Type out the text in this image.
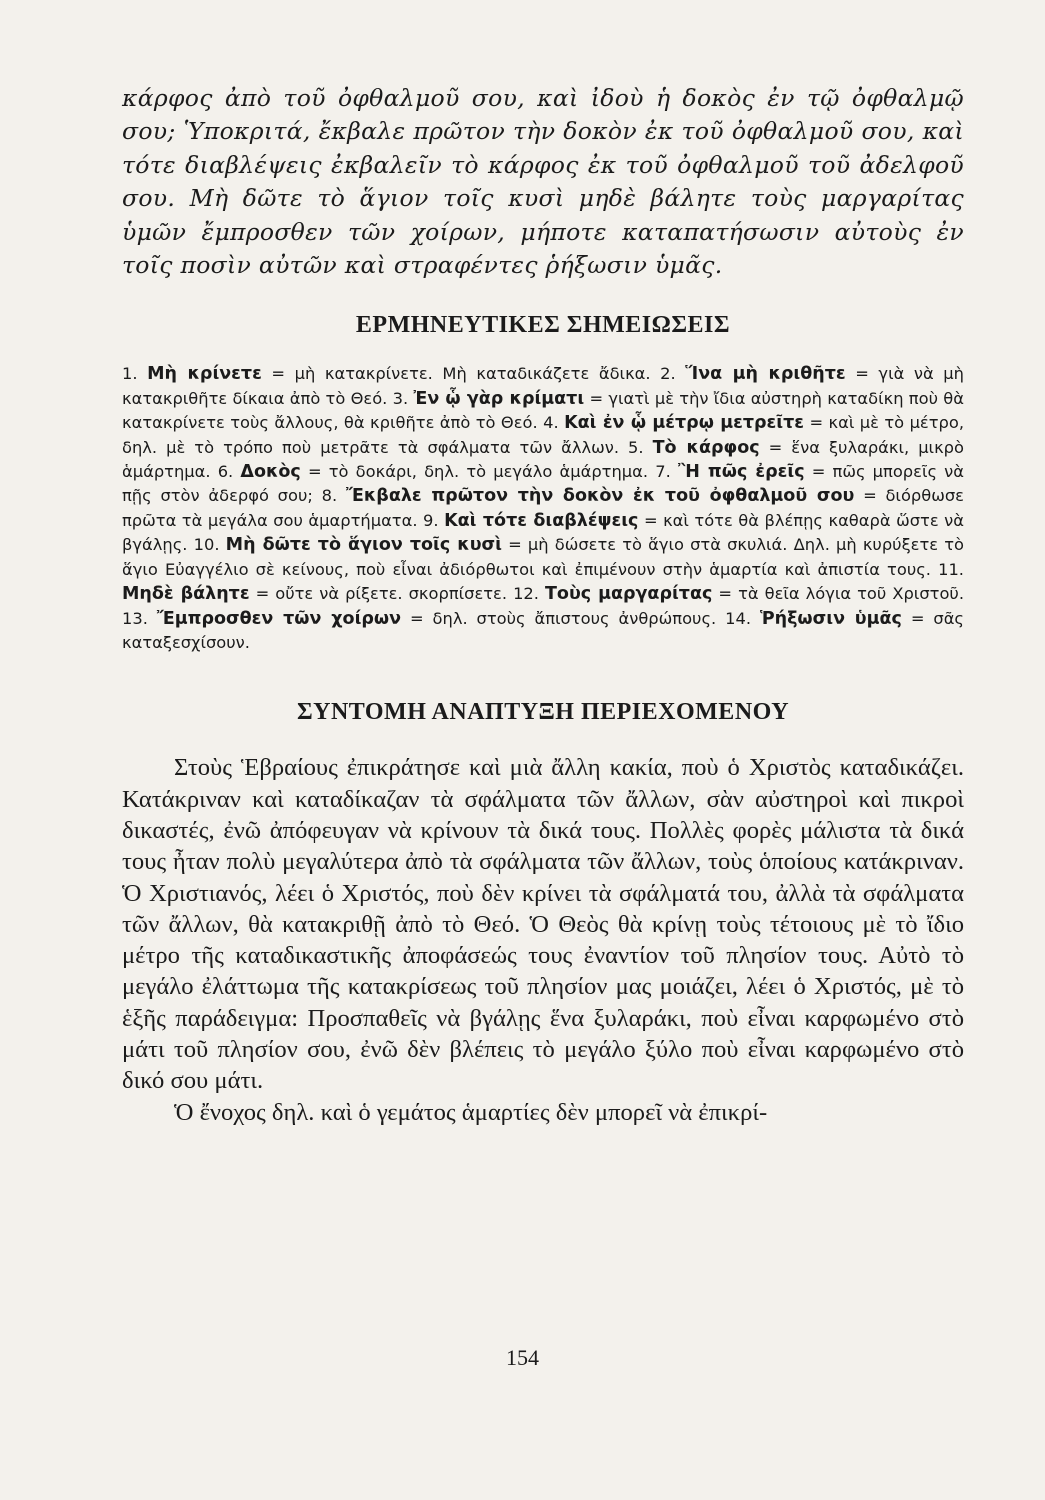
κάρφος ἀπὸ τοῦ ὀφθαλμοῦ σου, καὶ ἰδοὺ ἡ δοκὸς ἐν τῷ ὀφθαλμῷ σου; Ὑποκριτά, ἔκβαλε πρῶτον τὴν δοκὸν ἐκ τοῦ ὀφθαλμοῦ σου, καὶ τότε διαβλέψεις ἐκβαλεῖν τὸ κάρφος ἐκ τοῦ ὀφθαλμοῦ τοῦ ἀδελφοῦ σου. Μὴ δῶτε τὸ ἅγιον τοῖς κυσὶ μηδὲ βάλητε τοὺς μαργαρίτας ὑμῶν ἔμπροσθεν τῶν χοίρων, μήποτε καταπατήσωσιν αὐτοὺς ἐν τοῖς ποσὶν αὐτῶν καὶ στραφέντες ῥήξωσιν ὑμᾶς.

ΕΡΜΗΝΕΥΤΙΚΕΣ ΣΗΜΕΙΩΣΕΙΣ

1. Μὴ κρίνετε = μὴ κατακρίνετε. Μὴ καταδικάζετε ἄδικα. 2. Ἵνα μὴ κριθῆτε = γιὰ νὰ μὴ κατακριθῆτε δίκαια ἀπὸ τὸ Θεό. 3. Ἐν ᾧ γὰρ κρίματι = γιατὶ μὲ τὴν ἴδια αὐστηρὴ καταδίκη ποὺ θὰ κατακρίνετε τοὺς ἄλλους, θὰ κριθῆτε ἀπὸ τὸ Θεό. 4. Καὶ ἐν ᾧ μέτρῳ μετρεῖτε = καὶ μὲ τὸ μέτρο, δηλ. μὲ τὸ τρόπο ποὺ μετρᾶτε τὰ σφάλματα τῶν ἄλλων. 5. Τὸ κάρφος = ἕνα ξυλαράκι, μικρὸ ἁμάρτημα. 6. Δοκὸς = τὸ δοκάρι, δηλ. τὸ μεγάλο ἁμάρτημα. 7. Ἢ πῶς ἐρεῖς = πῶς μπορεῖς νὰ πῇς στὸν ἀδερφό σου; 8. Ἔκβαλε πρῶτον τὴν δοκὸν ἐκ τοῦ ὀφθαλμοῦ σου = διόρθωσε πρῶτα τὰ μεγάλα σου ἁμαρτήματα. 9. Καὶ τότε διαβλέψεις = καὶ τότε θὰ βλέπῃς καθαρὰ ὥστε νὰ βγάλῃς. 10. Μὴ δῶτε τὸ ἅγιον τοῖς κυσὶ = μὴ δώσετε τὸ ἅγιο στὰ σκυλιά. Δηλ. μὴ κυρύξετε τὸ ἅγιο Εὐαγγέλιο σὲ κείνους, ποὺ εἶναι ἀδιόρθωτοι καὶ ἐπιμένουν στὴν ἁμαρτία καὶ ἀπιστία τους. 11. Μηδὲ βάλητε = οὔτε νὰ ρίξετε. σκορπίσετε. 12. Τοὺς μαργαρίτας = τὰ θεῖα λόγια τοῦ Χριστοῦ. 13. Ἔμπροσθεν τῶν χοίρων = δηλ. στοὺς ἄπιστους ἀνθρώπους. 14. Ῥήξωσιν ὑμᾶς = σᾶς καταξεσχίσουν.

ΣΥΝΤΟΜΗ ΑΝΑΠΤΥΞΗ ΠΕΡΙΕΧΟΜΕΝΟΥ

Στοὺς Ἑβραίους ἐπικράτησε καὶ μιὰ ἄλλη κακία, ποὺ ὁ Χριστὸς καταδικάζει. Κατάκριναν καὶ καταδίκαζαν τὰ σφάλματα τῶν ἄλλων, σὰν αὐστηροὶ καὶ πικροὶ δικαστές, ἐνῶ ἀπόφευγαν νὰ κρίνουν τὰ δικά τους. Πολλὲς φορὲς μάλιστα τὰ δικά τους ἦταν πολὺ μεγαλύτερα ἀπὸ τὰ σφάλματα τῶν ἄλλων, τοὺς ὁποίους κατάκριναν. Ὁ Χριστιανός, λέει ὁ Χριστός, ποὺ δὲν κρίνει τὰ σφάλματά του, ἀλλὰ τὰ σφάλματα τῶν ἄλλων, θὰ κατακριθῇ ἀπὸ τὸ Θεό. Ὁ Θεὸς θὰ κρίνῃ τοὺς τέτοιους μὲ τὸ ἴδιο μέτρο τῆς καταδικαστικῆς ἀποφάσεώς τους ἐναντίον τοῦ πλησίον τους. Αὐτὸ τὸ μεγάλο ἐλάττωμα τῆς κατακρίσεως τοῦ πλησίον μας μοιάζει, λέει ὁ Χριστός, μὲ τὸ ἑξῆς παράδειγμα: Προσπαθεῖς νὰ βγάλῃς ἕνα ξυλαράκι, ποὺ εἶναι καρφωμένο στὸ μάτι τοῦ πλησίον σου, ἐνῶ δὲν βλέπεις τὸ μεγάλο ξύλο ποὺ εἶναι καρφωμένο στὸ δικό σου μάτι.

Ὁ ἔνοχος δηλ. καὶ ὁ γεμάτος ἁμαρτίες δὲν μπορεῖ νὰ ἐπικρί-

154
